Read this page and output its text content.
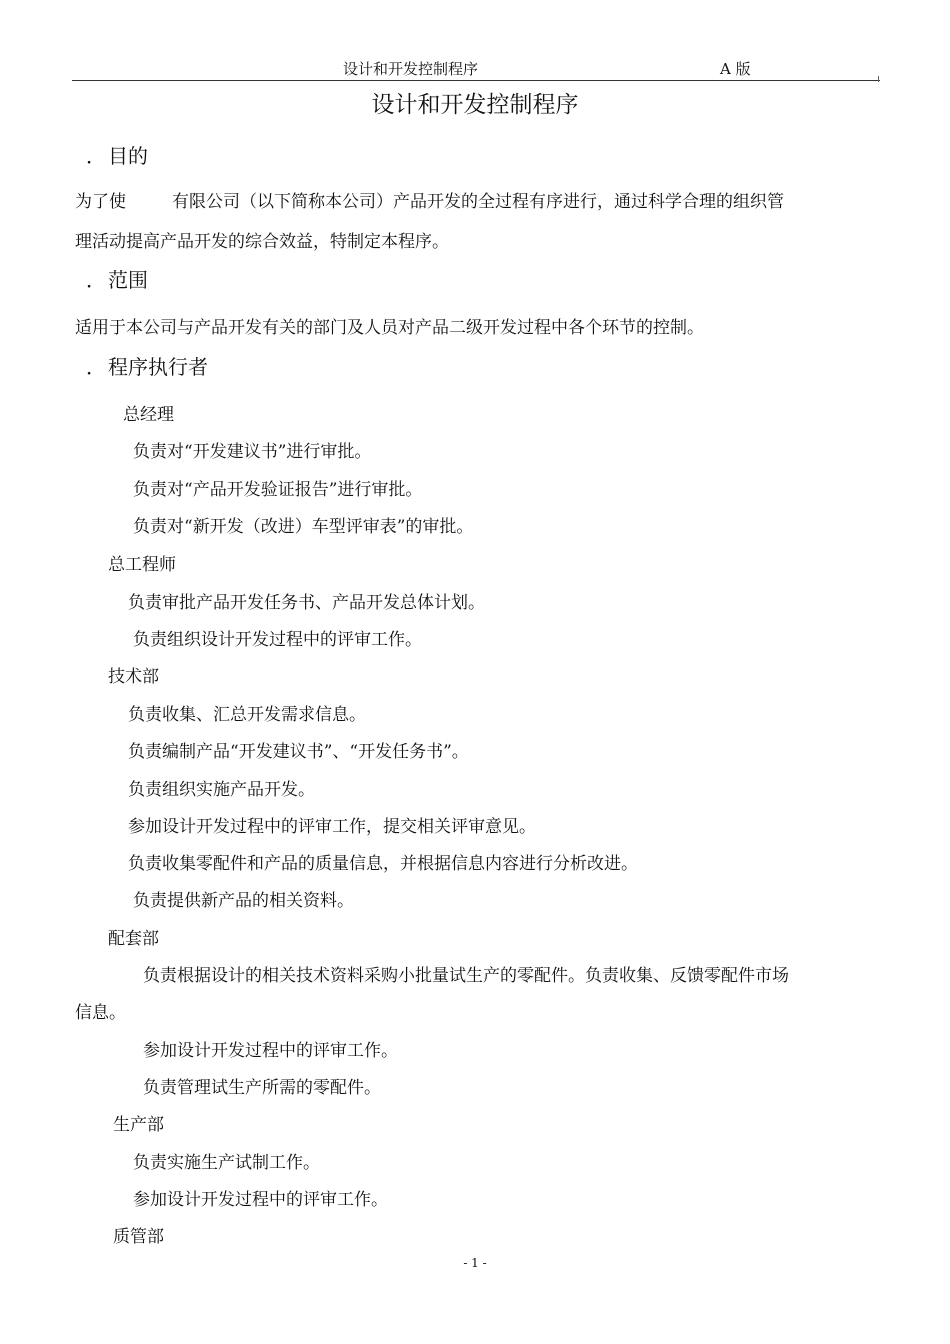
设计和开发控制程序	A 版
设计和开发控制程序
． 目的
为了使	有限公司（以下简称本公司）产品开发的全过程有序进行，通过科学合理的组织管
理活动提高产品开发的综合效益，特制定本程序。
． 范围
适用于本公司与产品开发有关的部门及人员对产品二级开发过程中各个环节的控制。
． 程序执行者
总经理
负责对“开发建议书”进行审批。
负责对“产品开发验证报告”进行审批。
负责对“新开发（改进）车型评审表”的审批。
总工程师
负责审批产品开发任务书、产品开发总体计划。
负责组织设计开发过程中的评审工作。
技术部
负责收集、汇总开发需求信息。
负责编制产品“开发建议书”、“开发任务书”。
负责组织实施产品开发。
参加设计开发过程中的评审工作，提交相关评审意见。
负责收集零配件和产品的质量信息，并根据信息内容进行分析改进。
负责提供新产品的相关资料。
配套部
负责根据设计的相关技术资料采购小批量试生产的零配件。负责收集、反馈零配件市场
信息。
参加设计开发过程中的评审工作。
负责管理试生产所需的零配件。
生产部
负责实施生产试制工作。
参加设计开发过程中的评审工作。
质管部
- 1 -
